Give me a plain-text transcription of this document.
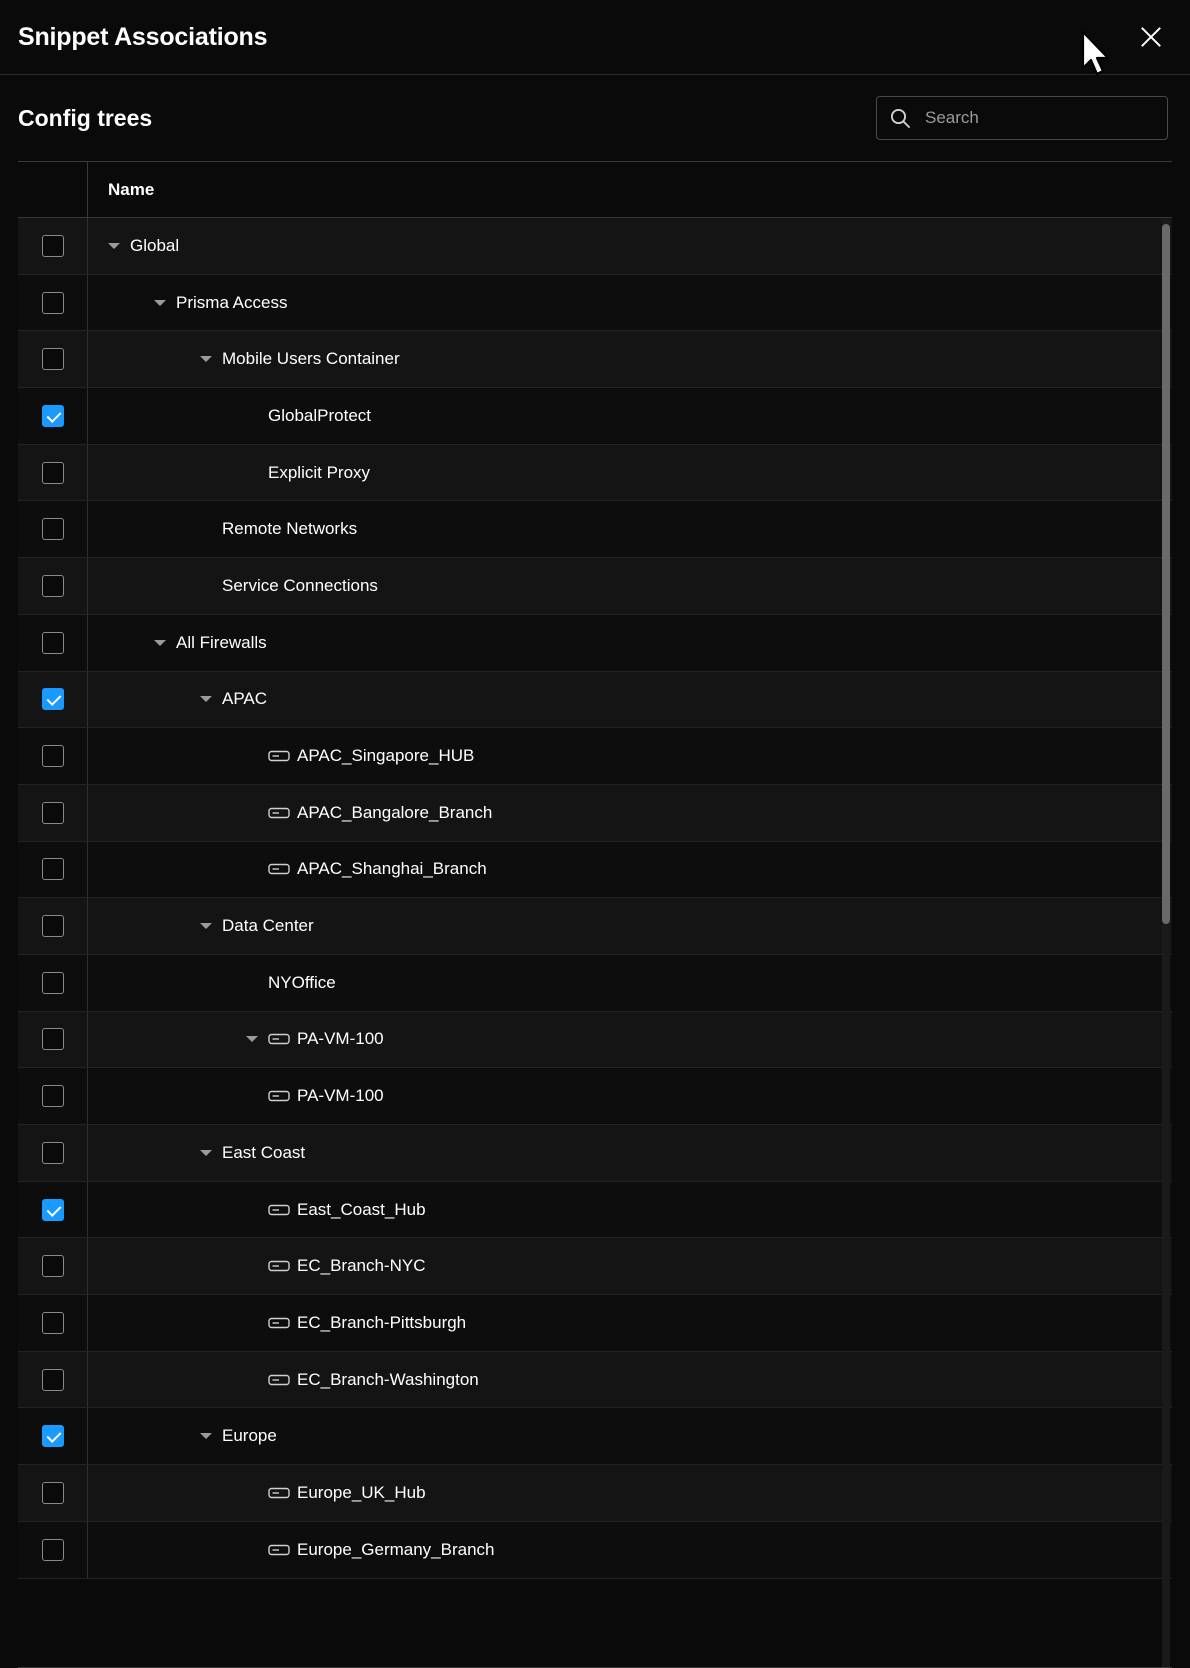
Snippet Associations
Config trees
Search
Name
Global
Prisma Access
Mobile Users Container
GlobalProtect
Explicit Proxy
Remote Networks
Service Connections
All Firewalls
APAC
APAC_Singapore_HUB
APAC_Bangalore_Branch
APAC_Shanghai_Branch
Data Center
NYOffice
PA-VM-100
PA-VM-100
East Coast
East_Coast_Hub
EC_Branch-NYC
EC_Branch-Pittsburgh
EC_Branch-Washington
Europe
Europe_UK_Hub
Europe_Germany_Branch
